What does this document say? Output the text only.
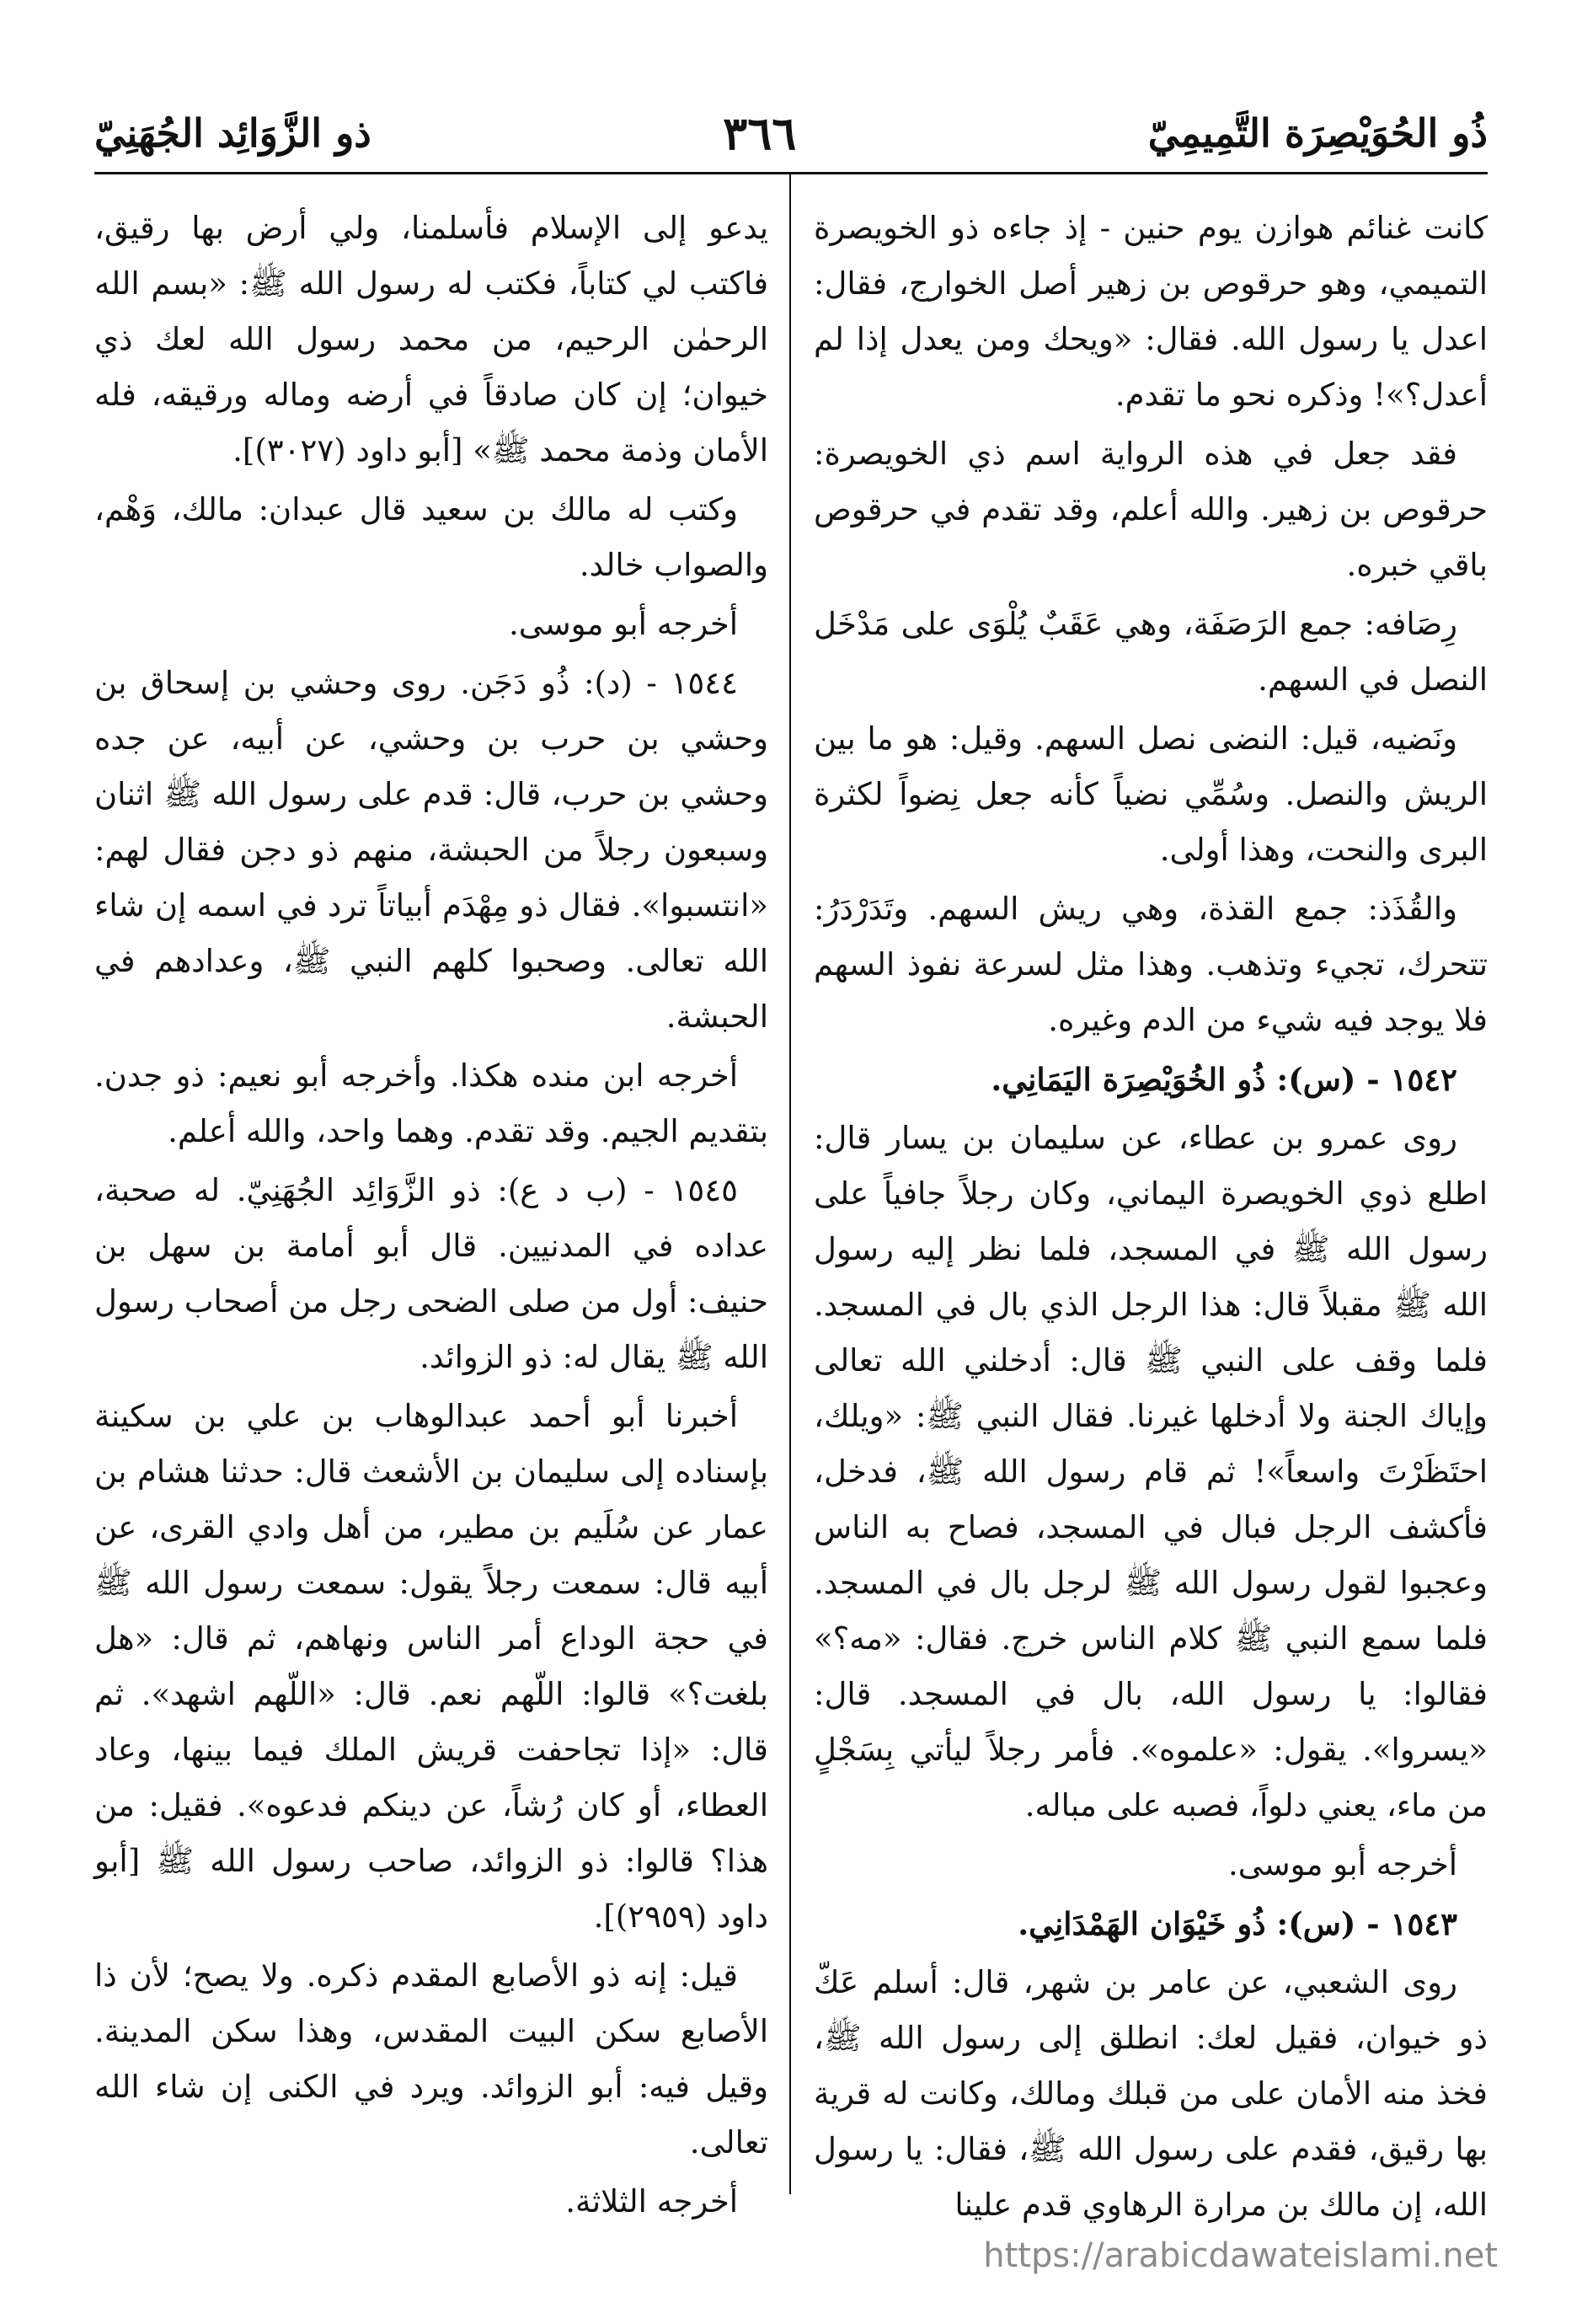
ذُو الحُوَيْصِرَة التَّمِيمِيّ
٣٦٦
ذو الزَّوَائِد الجُهَنِيّ

كانت غنائم هوازن يوم حنين - إذ جاءه ذو الخويصرة التميمي، وهو حرقوص بن زهير أصل الخوارج، فقال: اعدل يا رسول الله. فقال: «ويحك ومن يعدل إذا لم أعدل؟»! وذكره نحو ما تقدم.

فقد جعل في هذه الرواية اسم ذي الخويصرة: حرقوص بن زهير. والله أعلم، وقد تقدم في حرقوص باقي خبره.

رِصَافه: جمع الرَصَفَة، وهي عَقَبٌ يُلْوَى على مَدْخَل النصل في السهم.

ونَضيه، قيل: النضى نصل السهم. وقيل: هو ما بين الريش والنصل. وسُمِّي نضياً كأنه جعل نِضواً لكثرة البرى والنحت، وهذا أولى.

والقُذَذ: جمع القذة، وهي ريش السهم. وتَدَرْدَرُ: تتحرك، تجيء وتذهب. وهذا مثل لسرعة نفوذ السهم فلا يوجد فيه شيء من الدم وغيره.

١٥٤٢ - (س): ذُو الخُوَيْصِرَة اليَمَانِي.

روى عمرو بن عطاء، عن سليمان بن يسار قال: اطلع ذوي الخويصرة اليماني، وكان رجلاً جافياً على رسول الله ﷺ في المسجد، فلما نظر إليه رسول الله ﷺ مقبلاً قال: هذا الرجل الذي بال في المسجد. فلما وقف على النبي ﷺ قال: أدخلني الله تعالى وإياك الجنة ولا أدخلها غيرنا. فقال النبي ﷺ: «ويلك، احتَظَرْتَ واسعاً»! ثم قام رسول الله ﷺ، فدخل، فأكشف الرجل فبال في المسجد، فصاح به الناس وعجبوا لقول رسول الله ﷺ لرجل بال في المسجد. فلما سمع النبي ﷺ كلام الناس خرج. فقال: «مه؟» فقالوا: يا رسول الله، بال في المسجد. قال: «يسروا». يقول: «علموه». فأمر رجلاً ليأتي بِسَجْلٍ من ماء، يعني دلواً، فصبه على مباله.

أخرجه أبو موسى.

١٥٤٣ - (س): ذُو خَيْوَان الهَمْدَانِي.

روى الشعبي، عن عامر بن شهر، قال: أسلم عَكّ ذو خيوان، فقيل لعك: انطلق إلى رسول الله ﷺ، فخذ منه الأمان على من قبلك ومالك، وكانت له قرية بها رقيق، فقدم على رسول الله ﷺ، فقال: يا رسول الله، إن مالك بن مرارة الرهاوي قدم علينا

يدعو إلى الإسلام فأسلمنا، ولي أرض بها رقيق، فاكتب لي كتاباً، فكتب له رسول الله ﷺ: «بسم الله الرحمٰن الرحيم، من محمد رسول الله لعك ذي خيوان؛ إن كان صادقاً في أرضه وماله ورقيقه، فله الأمان وذمة محمد ﷺ» [أبو داود (٣٠٢٧)].

وكتب له مالك بن سعيد قال عبدان: مالك، وَهْم، والصواب خالد.

أخرجه أبو موسى.

١٥٤٤ - (د): ذُو دَجَن. روى وحشي بن إسحاق بن وحشي بن حرب بن وحشي، عن أبيه، عن جده وحشي بن حرب، قال: قدم على رسول الله ﷺ اثنان وسبعون رجلاً من الحبشة، منهم ذو دجن فقال لهم: «انتسبوا». فقال ذو مِهْدَم أبياتاً ترد في اسمه إن شاء الله تعالى. وصحبوا كلهم النبي ﷺ، وعدادهم في الحبشة.

أخرجه ابن منده هكذا. وأخرجه أبو نعيم: ذو جدن. بتقديم الجيم. وقد تقدم. وهما واحد، والله أعلم.

١٥٤٥ - (ب د ع): ذو الزَّوَائِد الجُهَنِيّ. له صحبة، عداده في المدنيين. قال أبو أمامة بن سهل بن حنيف: أول من صلى الضحى رجل من أصحاب رسول الله ﷺ يقال له: ذو الزوائد.

أخبرنا أبو أحمد عبدالوهاب بن علي بن سكينة بإسناده إلى سليمان بن الأشعث قال: حدثنا هشام بن عمار عن سُلَيم بن مطير، من أهل وادي القرى، عن أبيه قال: سمعت رجلاً يقول: سمعت رسول الله ﷺ في حجة الوداع أمر الناس ونهاهم، ثم قال: «هل بلغت؟» قالوا: اللّهم نعم. قال: «اللّهم اشهد». ثم قال: «إذا تجاحفت قريش الملك فيما بينها، وعاد العطاء، أو كان رُشاً، عن دينكم فدعوه». فقيل: من هذا؟ قالوا: ذو الزوائد، صاحب رسول الله ﷺ [أبو داود (٢٩٥٩)].

قيل: إنه ذو الأصابع المقدم ذكره. ولا يصح؛ لأن ذا الأصابع سكن البيت المقدس، وهذا سكن المدينة. وقيل فيه: أبو الزوائد. ويرد في الكنى إن شاء الله تعالى.

أخرجه الثلاثة.

https://arabicdawateislami.net
